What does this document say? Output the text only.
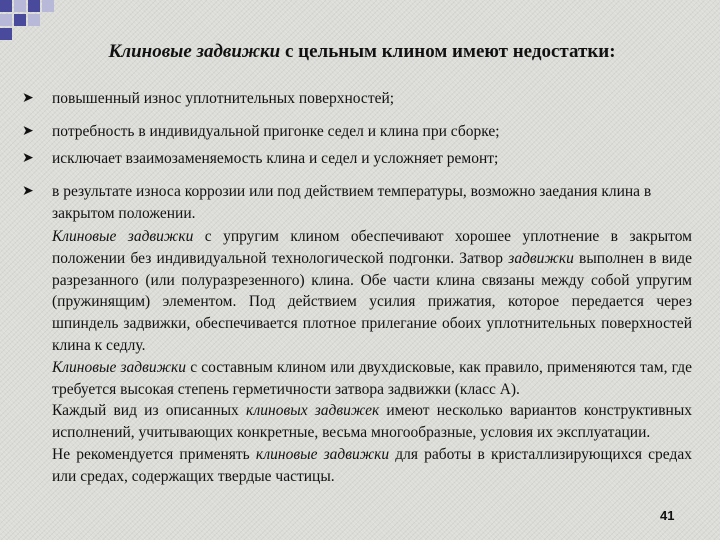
Клиновые задвижки с цельным клином имеют недостатки:
➤ повышенный износ уплотнительных поверхностей;
➤ потребность в индивидуальной пригонке седел и клина при сборке;
➤ исключает взаимозаменяемость клина и седел и усложняет ремонт;
➤ в результате износа коррозии или под действием температуры, возможно заедания клина в закрытом положении.

Клиновые задвижки с упругим клином обеспечивают хорошее уплотнение в закрытом положении без индивидуальной технологической подгонки. Затвор задвижки выполнен в виде разрезанного (или полуразрезенного) клина. Обе части клина связаны между собой упругим (пружинящим) элементом. Под действием усилия прижатия, которое передается через шпиндель задвижки, обеспечивается плотное прилегание обоих уплотнительных поверхностей клина к седлу.

Клиновые задвижки с составным клином или двухдисковые, как правило, применяются там, где требуется высокая степень герметичности затвора задвижки (класс А).

Каждый вид из описанных клиновых задвижек имеют несколько вариантов конструктивных исполнений, учитывающих конкретные, весьма многообразные, условия их эксплуатации.

Не рекомендуется применять клиновые задвижки для работы в кристаллизирующихся средах или средах, содержащих твердые частицы.

41
